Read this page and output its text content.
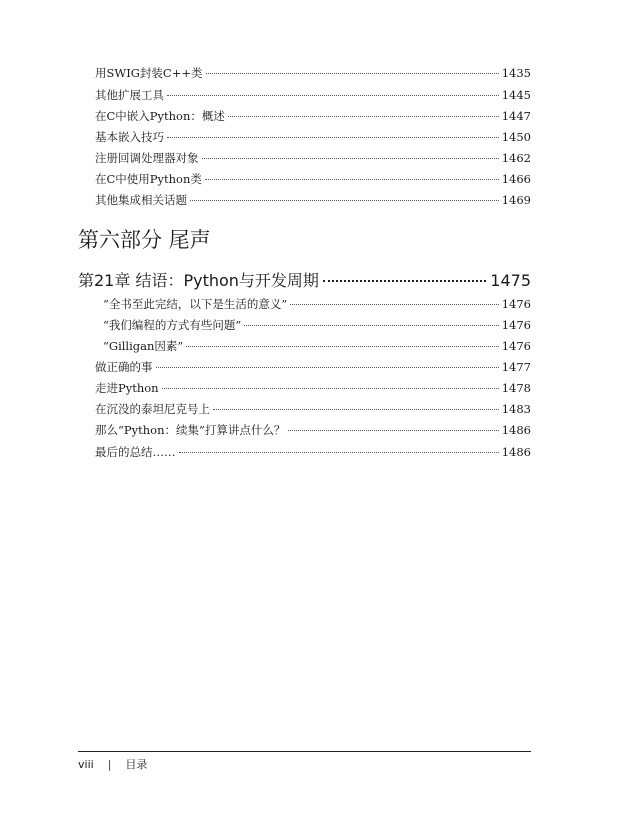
用SWIG封装C++类	1435
其他扩展工具	1445
在C中嵌入Python：概述	1447
基本嵌入技巧	1450
注册回调处理器对象	1462
在C中使用Python类	1466
其他集成相关话题	1469
第六部分 尾声
第21章 结语：Python与开发周期	1475
“全书至此完结，以下是生活的意义”	1476
“我们编程的方式有些问题”	1476
“Gilligan因素”	1476
做正确的事	1477
走进Python	1478
在沉没的泰坦尼克号上	1483
那么“Python：续集”打算讲点什么？	1486
最后的总结……	1486
viii | 目录
